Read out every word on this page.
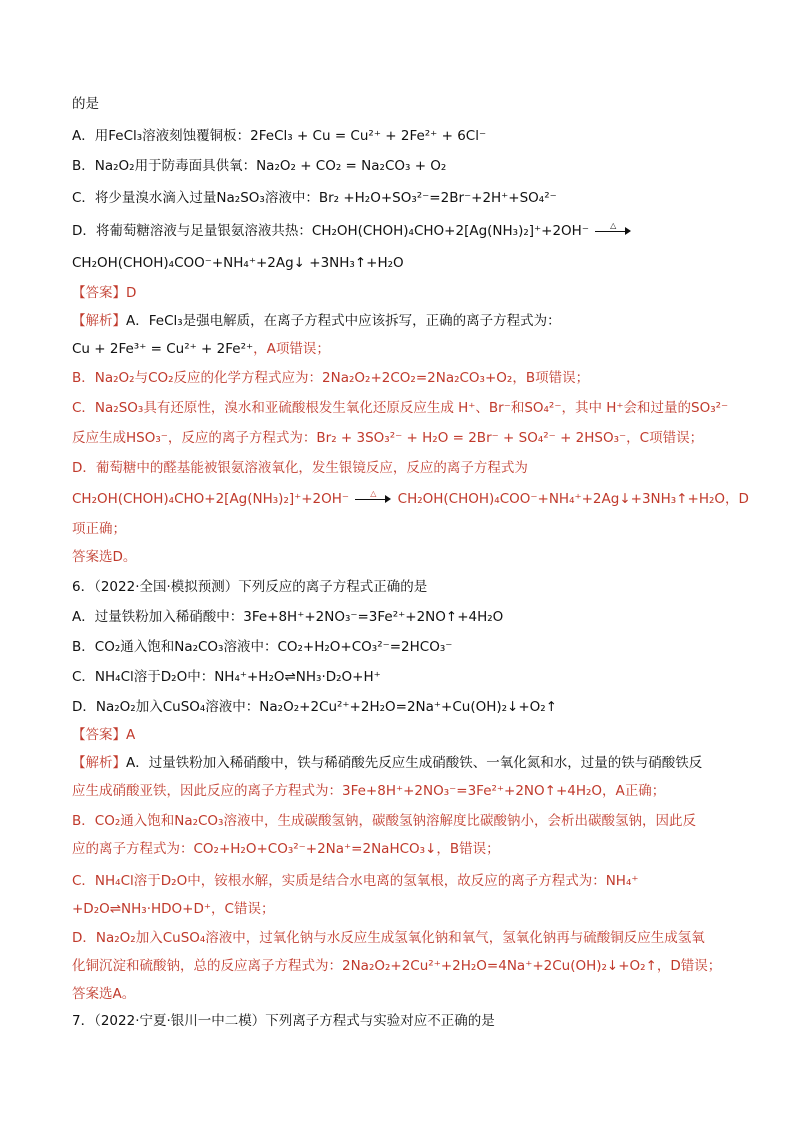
的是
A．用FeCl₃溶液刻蚀覆铜板：2FeCl₃ + Cu = Cu²⁺ + 2Fe²⁺ + 6Cl⁻
B．Na₂O₂用于防毒面具供氧：Na₂O₂ + CO₂ = Na₂CO₃ + O₂
C．将少量溴水滴入过量Na₂SO₃溶液中：Br₂ +H₂O+SO₃²⁻=2Br⁻+2H⁺+SO₄²⁻
D．将葡萄糖溶液与足量银氨溶液共热：CH₂OH(CHOH)₄CHO+2[Ag(NH₃)₂]⁺+2OH⁻	△
CH₂OH(CHOH)₄COO⁻+NH₄⁺+2Ag↓ +3NH₃↑+H₂O
【答案】D
【解析】A．FeCl₃是强电解质，在离子方程式中应该拆写，正确的离子方程式为：
Cu + 2Fe³⁺ = Cu²⁺ + 2Fe²⁺，A项错误；
B．Na₂O₂与CO₂反应的化学方程式应为：2Na₂O₂+2CO₂=2Na₂CO₃+O₂，B项错误；
C．Na₂SO₃具有还原性，溴水和亚硫酸根发生氧化还原反应生成 H⁺、Br⁻和SO₄²⁻，其中 H⁺会和过量的SO₃²⁻
反应生成HSO₃⁻，反应的离子方程式为：Br₂ + 3SO₃²⁻ + H₂O = 2Br⁻ + SO₄²⁻ + 2HSO₃⁻，C项错误；
D．葡萄糖中的醛基能被银氨溶液氧化，发生银镜反应，反应的离子方程式为
CH₂OH(CHOH)₄CHO+2[Ag(NH₃)₂]⁺+2OH⁻	△	CH₂OH(CHOH)₄COO⁻+NH₄⁺+2Ag↓+3NH₃↑+H₂O，D
项正确；
答案选D。
6．（2022·全国·模拟预测）下列反应的离子方程式正确的是
A．过量铁粉加入稀硝酸中：3Fe+8H⁺+2NO₃⁻=3Fe²⁺+2NO↑+4H₂O
B．CO₂通入饱和Na₂CO₃溶液中：CO₂+H₂O+CO₃²⁻=2HCO₃⁻
C．NH₄Cl溶于D₂O中：NH₄⁺+H₂O⇌NH₃·D₂O+H⁺
D．Na₂O₂加入CuSO₄溶液中：Na₂O₂+2Cu²⁺+2H₂O=2Na⁺+Cu(OH)₂↓+O₂↑
【答案】A
【解析】A．过量铁粉加入稀硝酸中，铁与稀硝酸先反应生成硝酸铁、一氧化氮和水，过量的铁与硝酸铁反
应生成硝酸亚铁，因此反应的离子方程式为：3Fe+8H⁺+2NO₃⁻=3Fe²⁺+2NO↑+4H₂O，A正确；
B．CO₂通入饱和Na₂CO₃溶液中，生成碳酸氢钠，碳酸氢钠溶解度比碳酸钠小，会析出碳酸氢钠，因此反
应的离子方程式为：CO₂+H₂O+CO₃²⁻+2Na⁺=2NaHCO₃↓，B错误；
C．NH₄Cl溶于D₂O中，铵根水解，实质是结合水电离的氢氧根，故反应的离子方程式为：NH₄⁺
+D₂O⇌NH₃·HDO+D⁺，C错误；
D．Na₂O₂加入CuSO₄溶液中，过氧化钠与水反应生成氢氧化钠和氧气，氢氧化钠再与硫酸铜反应生成氢氧
化铜沉淀和硫酸钠，总的反应离子方程式为：2Na₂O₂+2Cu²⁺+2H₂O=4Na⁺+2Cu(OH)₂↓+O₂↑，D错误；
答案选A。
7．（2022·宁夏·银川一中二模）下列离子方程式与实验对应不正确的是
